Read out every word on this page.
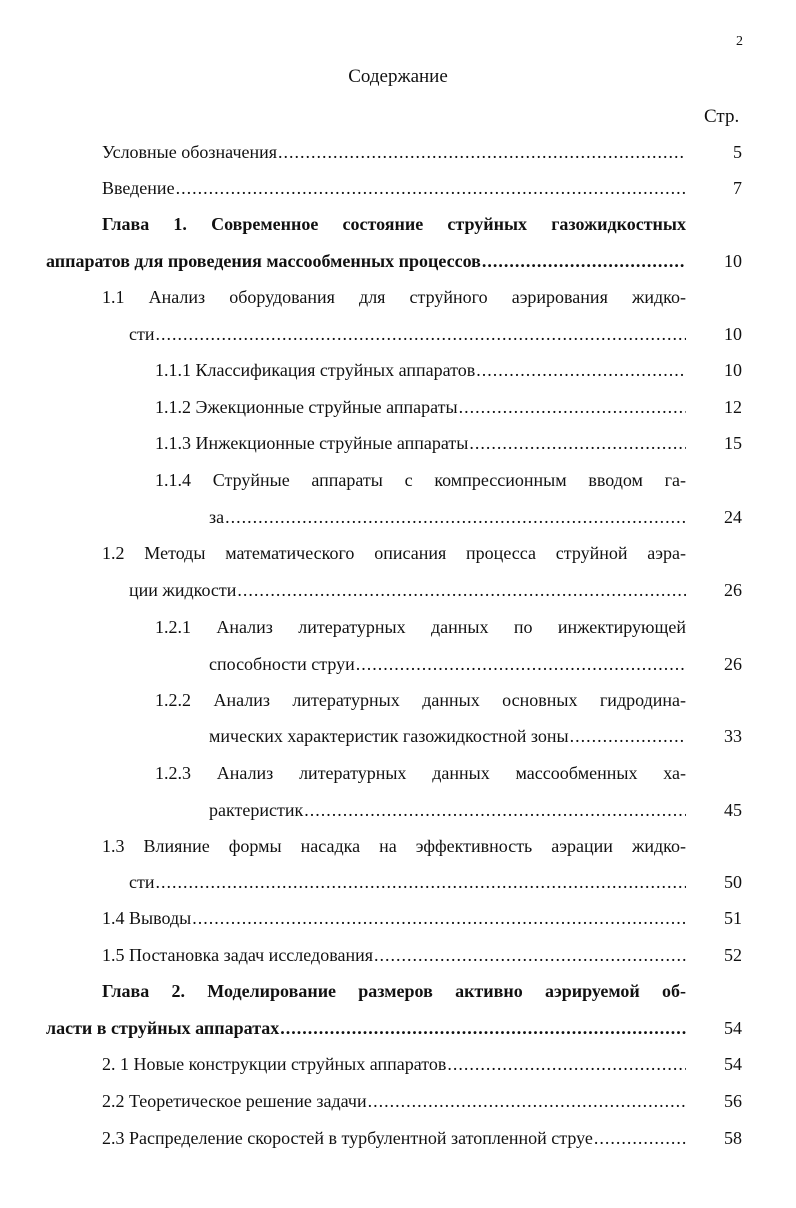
2
Содержание
Стр.
Условные обозначения .....	5
Введение .....	7
Глава 1. Современное состояние струйных газожидкостных
аппаратов для проведения массообменных процессов .....	10
1.1 Анализ оборудования для струйного аэрирования жидко-
сти .....	10
1.1.1 Классификация струйных аппаратов .....	10
1.1.2 Эжекционные струйные аппараты .....	12
1.1.3 Инжекционные струйные аппараты .....	15
1.1.4 Струйные аппараты с компрессионным вводом га-
за .....	24
1.2 Методы математического описания процесса струйной аэра-
ции жидкости .....	26
1.2.1 Анализ литературных данных по инжектирующей
способности струи .....	26
1.2.2 Анализ литературных данных основных гидродина-
мических характеристик газожидкостной зоны .....	33
1.2.3 Анализ литературных данных массообменных ха-
рактеристик .....	45
1.3 Влияние формы насадка на эффективность аэрации жидко-
сти .....	50
1.4 Выводы .....	51
1.5 Постановка задач исследования .....	52
Глава 2. Моделирование размеров активно аэрируемой об-
ласти в струйных аппаратах .....	54
2. 1 Новые конструкции струйных аппаратов .....	54
2.2 Теоретическое решение задачи .....	56
2.3 Распределение скоростей в турбулентной затопленной струе .....	58
